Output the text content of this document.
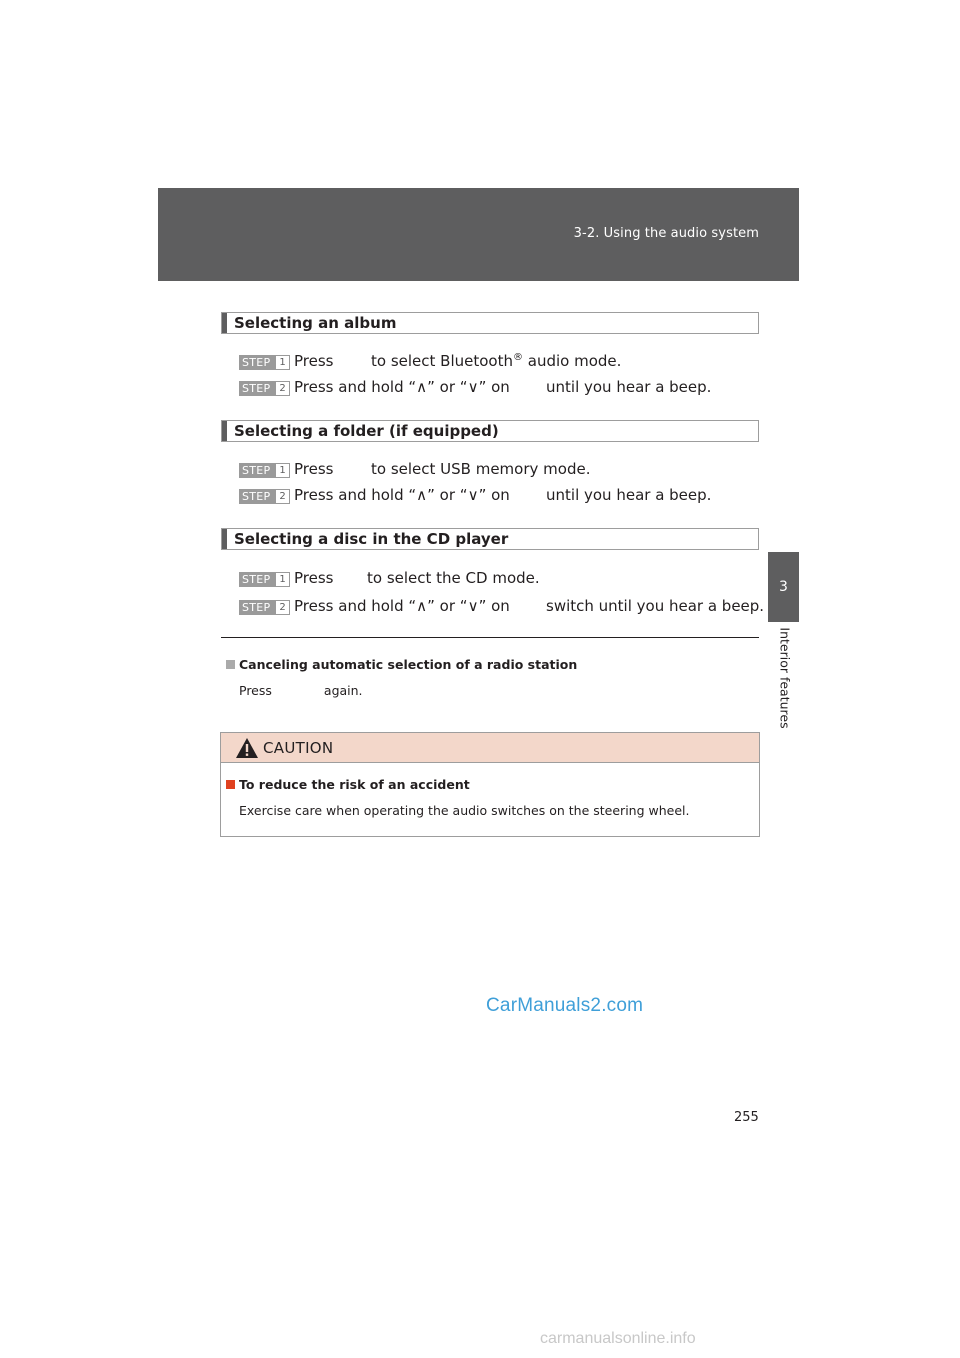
3-2. Using the audio system
3
Interior features
Selecting an album
STEP 1 Press	to select Bluetooth® audio mode.
STEP 2 Press and hold “∧” or “∨” on until you hear a beep.
Selecting a folder (if equipped)
STEP 1 Press	to select USB memory mode.
STEP 2 Press and hold “∧” or “∨” on until you hear a beep.
Selecting a disc in the CD player
STEP 1 Press to select the CD mode.
STEP 2 Press and hold “∧” or “∨” on switch until you hear a beep.
Canceling automatic selection of a radio station
Press	again.
CAUTION
To reduce the risk of an accident
Exercise care when operating the audio switches on the steering wheel.
255
CarManuals2.com
carmanualsonline.info
